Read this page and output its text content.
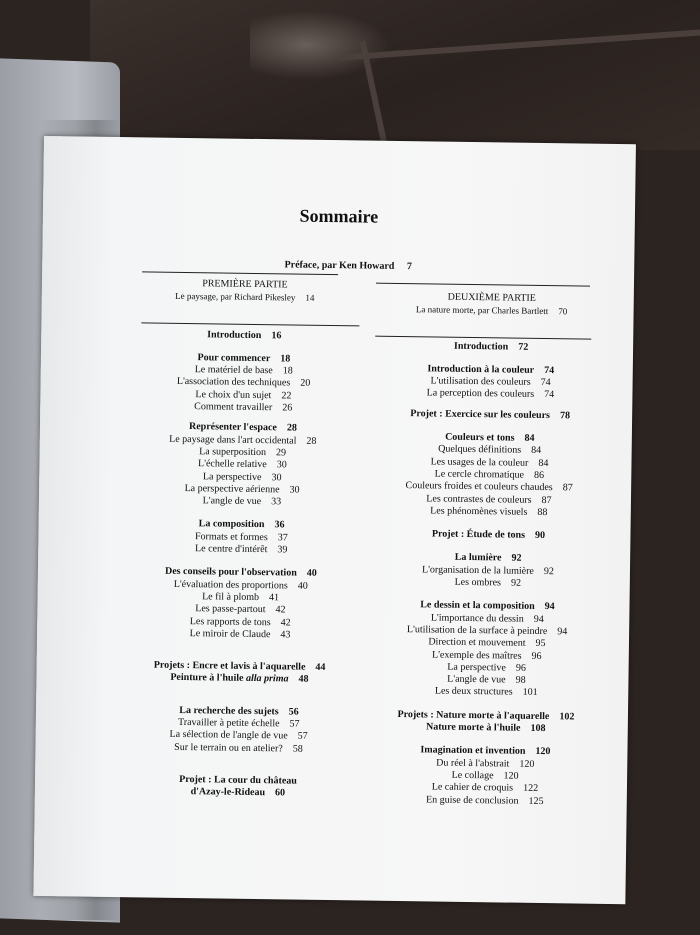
Sommaire
Préface, par Ken Howard 7
PREMIÈRE PARTIE
Le paysage, par Richard Pikesley 14
Introduction 16
Pour commencer 18
Le matériel de base 18
L'association des techniques 20
Le choix d'un sujet 22
Comment travailler 26
Représenter l'espace 28
Le paysage dans l'art occidental 28
La superposition 29
L'échelle relative 30
La perspective 30
La perspective aérienne 30
L'angle de vue 33
La composition 36
Formats et formes 37
Le centre d'intérêt 39
Des conseils pour l'observation 40
L'évaluation des proportions 40
Le fil à plomb 41
Les passe-partout 42
Les rapports de tons 42
Le miroir de Claude 43
Projets : Encre et lavis à l'aquarelle 44
Peinture à l'huile alla prima 48
La recherche des sujets 56
Travailler à petite échelle 57
La sélection de l'angle de vue 57
Sur le terrain ou en atelier? 58
Projet : La cour du château
d'Azay-le-Rideau 60
DEUXIÈME PARTIE
La nature morte, par Charles Bartlett 70
Introduction 72
Introduction à la couleur 74
L'utilisation des couleurs 74
La perception des couleurs 74
Projet : Exercice sur les couleurs 78
Couleurs et tons 84
Quelques définitions 84
Les usages de la couleur 84
Le cercle chromatique 86
Couleurs froides et couleurs chaudes 87
Les contrastes de couleurs 87
Les phénomènes visuels 88
Projet : Étude de tons 90
La lumière 92
L'organisation de la lumière 92
Les ombres 92
Le dessin et la composition 94
L'importance du dessin 94
L'utilisation de la surface à peindre 94
Direction et mouvement 95
L'exemple des maîtres 96
La perspective 96
L'angle de vue 98
Les deux structures 101
Projets : Nature morte à l'aquarelle 102
Nature morte à l'huile 108
Imagination et invention 120
Du réel à l'abstrait 120
Le collage 120
Le cahier de croquis 122
En guise de conclusion 125
